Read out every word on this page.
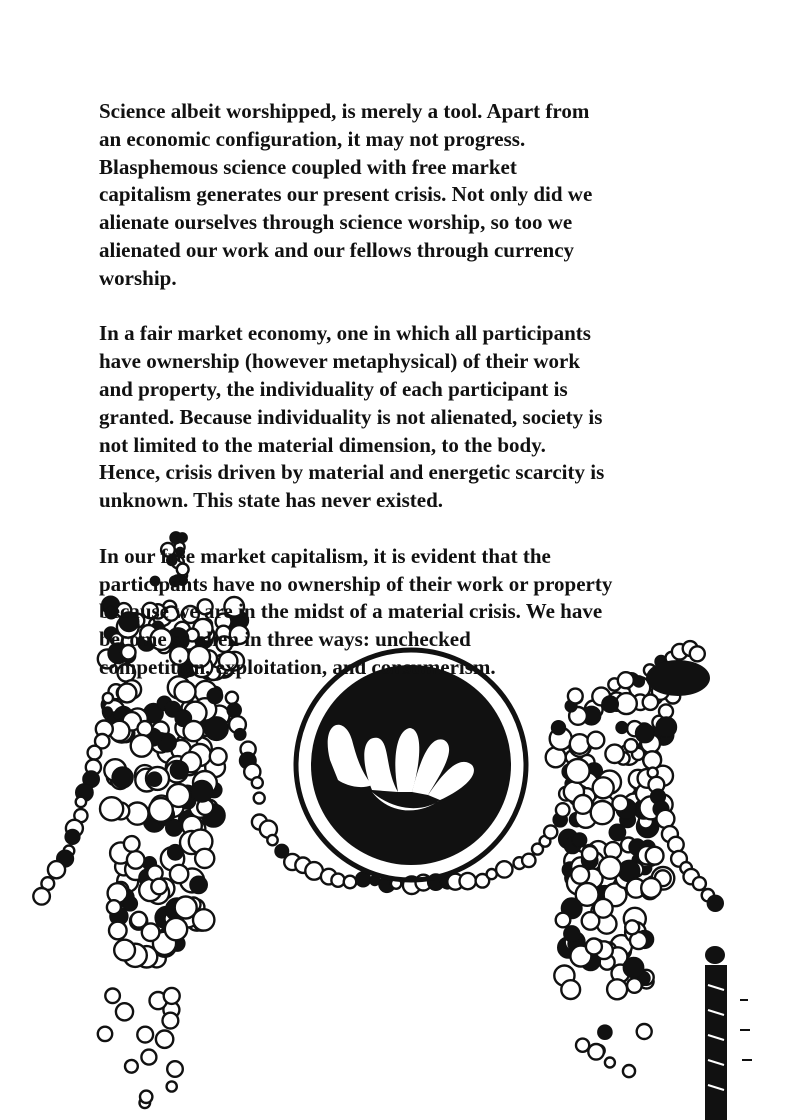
Science albeit worshipped, is merely a tool. Apart from
an economic configuration, it may not progress.
Blasphemous science coupled with free market
capitalism generates our present crisis. Not only did we
alienate ourselves through science worship, so too we
alienated our work and our fellows through currency
worship.

In a fair market economy, one in which all participants
have ownership (however metaphysical) of their work
and property, the individuality of each participant is
granted. Because individuality is not alienated, society is
not limited to the material dimension, to the body.
Hence, crisis driven by material and energetic scarcity is
unknown. This state has never existed.

In our free market capitalism, it is evident that the
participants have no ownership of their work or property
because we are in the midst of a material crisis. We have
become so alien in three ways: unchecked
competition, exploitation, and consumerism.
